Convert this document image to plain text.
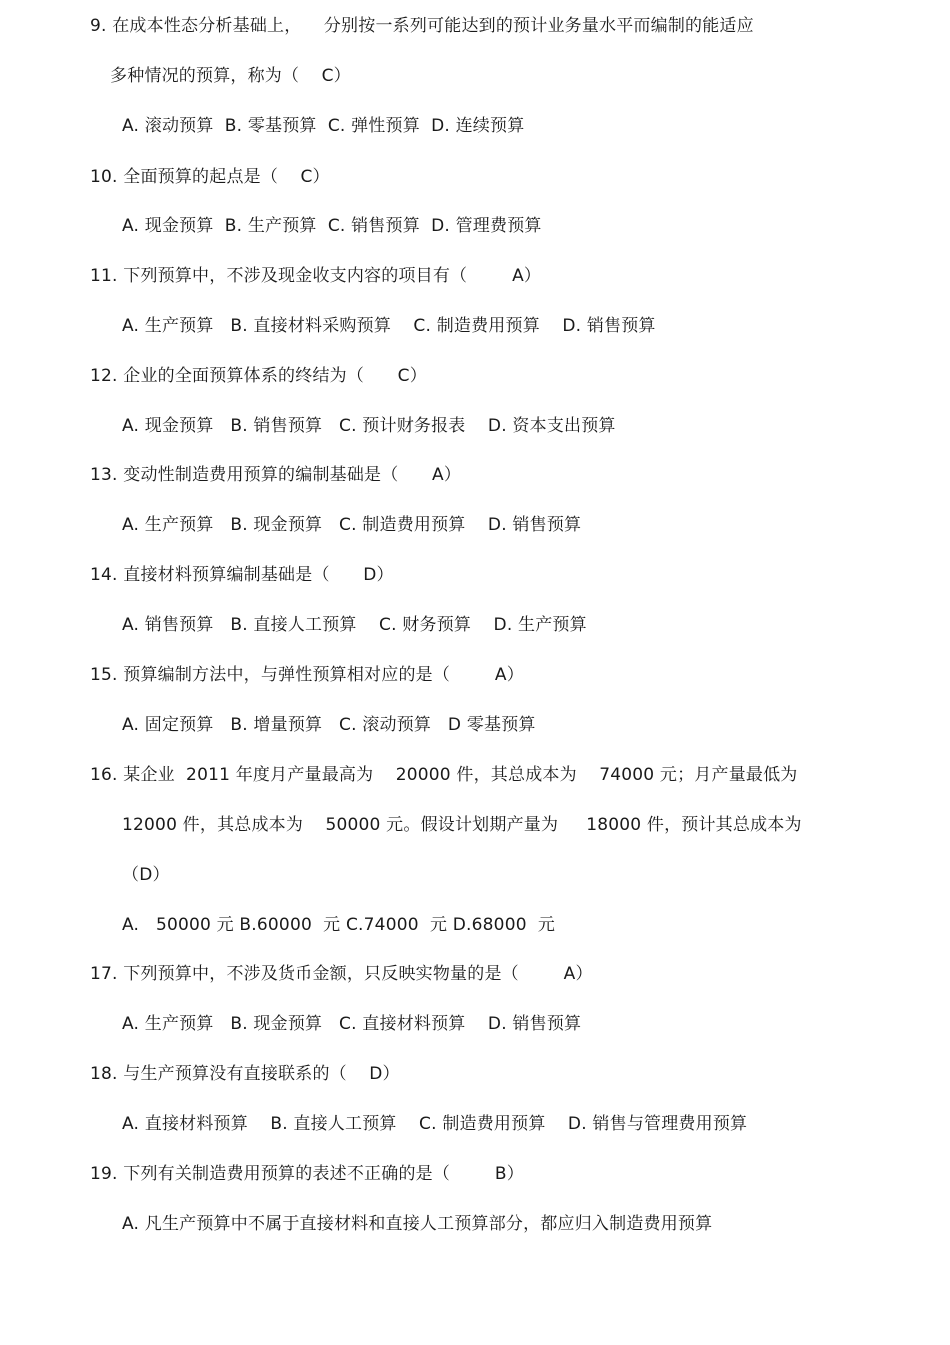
9. 在成本性态分析基础上，    分别按一系列可能达到的预计业务量水平而编制的能适应
多种情况的预算，称为（    C）
A. 滚动预算  B. 零基预算  C. 弹性预算  D. 连续预算
10. 全面预算的起点是（    C）
A. 现金预算  B. 生产预算  C. 销售预算  D. 管理费预算
11. 下列预算中，不涉及现金收支内容的项目有（        A）
A. 生产预算   B. 直接材料采购预算    C. 制造费用预算    D. 销售预算
12. 企业的全面预算体系的终结为（      C）
A. 现金预算   B. 销售预算   C. 预计财务报表    D. 资本支出预算
13. 变动性制造费用预算的编制基础是（      A）
A. 生产预算   B. 现金预算   C. 制造费用预算    D. 销售预算
14. 直接材料预算编制基础是（      D）
A. 销售预算   B. 直接人工预算    C. 财务预算    D. 生产预算
15. 预算编制方法中，与弹性预算相对应的是（        A）
A. 固定预算   B. 增量预算   C. 滚动预算   D 零基预算
16. 某企业  2011 年度月产量最高为    20000 件，其总成本为    74000 元；月产量最低为
12000 件，其总成本为    50000 元。假设计划期产量为     18000 件，预计其总成本为
（D）
A.   50000 元 B.60000  元 C.74000  元 D.68000  元
17. 下列预算中，不涉及货币金额，只反映实物量的是（        A）
A. 生产预算   B. 现金预算   C. 直接材料预算    D. 销售预算
18. 与生产预算没有直接联系的（    D）
A. 直接材料预算    B. 直接人工预算    C. 制造费用预算    D. 销售与管理费用预算
19. 下列有关制造费用预算的表述不正确的是（        B）
A. 凡生产预算中不属于直接材料和直接人工预算部分，都应归入制造费用预算
